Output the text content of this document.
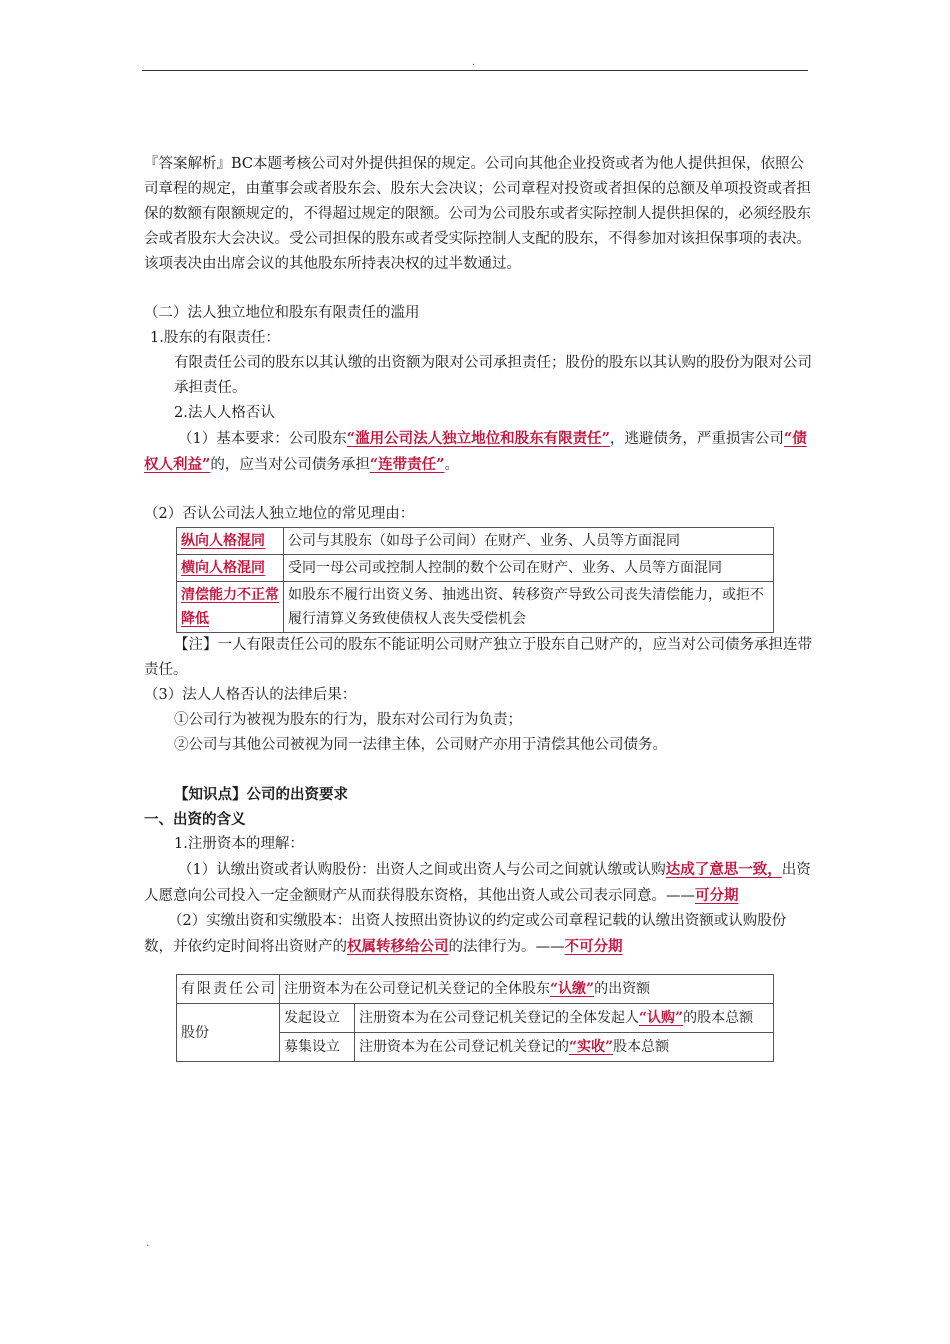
.

『答案解析』BC本题考核公司对外提供担保的规定。公司向其他企业投资或者为他人提供担保，依照公司章程的规定，由董事会或者股东会、股东大会决议；公司章程对投资或者担保的总额及单项投资或者担保的数额有限额规定的，不得超过规定的限额。公司为公司股东或者实际控制人提供担保的，必须经股东会或者股东大会决议。受公司担保的股东或者受实际控制人支配的股东，不得参加对该担保事项的表决。该项表决由出席会议的其他股东所持表决权的过半数通过。

（二）法人独立地位和股东有限责任的滥用

1.股东的有限责任：

有限责任公司的股东以其认缴的出资额为限对公司承担责任；股份的股东以其认购的股份为限对公司承担责任。

2.法人人格否认

（1）基本要求：公司股东“滥用公司法人独立地位和股东有限责任”，逃避债务，严重损害公司“债权人利益”的，应当对公司债务承担“连带责任”。

（2）否认公司法人独立地位的常见理由：

纵向人格混同	公司与其股东（如母子公司间）在财产、业务、人员等方面混同
横向人格混同	受同一母公司或控制人控制的数个公司在财产、业务、人员等方面混同
清偿能力不正常降低	如股东不履行出资义务、抽逃出资、转移资产导致公司丧失清偿能力，或拒不履行清算义务致使债权人丧失受偿机会

【注】一人有限责任公司的股东不能证明公司财产独立于股东自己财产的，应当对公司债务承担连带责任。

（3）法人人格否认的法律后果：

①公司行为被视为股东的行为，股东对公司行为负责；

②公司与其他公司被视为同一法律主体，公司财产亦用于清偿其他公司债务。

【知识点】公司的出资要求

一、出资的含义

1.注册资本的理解：

（1）认缴出资或者认购股份：出资人之间或出资人与公司之间就认缴或认购达成了意思一致，出资人愿意向公司投入一定金额财产从而获得股东资格，其他出资人或公司表示同意。——可分期

（2）实缴出资和实缴股本：出资人按照出资协议的约定或公司章程记载的认缴出资额或认购股份数，并依约定时间将出资财产的权属转移给公司的法律行为。——不可分期

有限责任公司	注册资本为在公司登记机关登记的全体股东“认缴”的出资额	
股份	发起设立	注册资本为在公司登记机关登记的全体发起人“认购”的股本总额
	募集设立	注册资本为在公司登记机关登记的“实收”股本总额
.
